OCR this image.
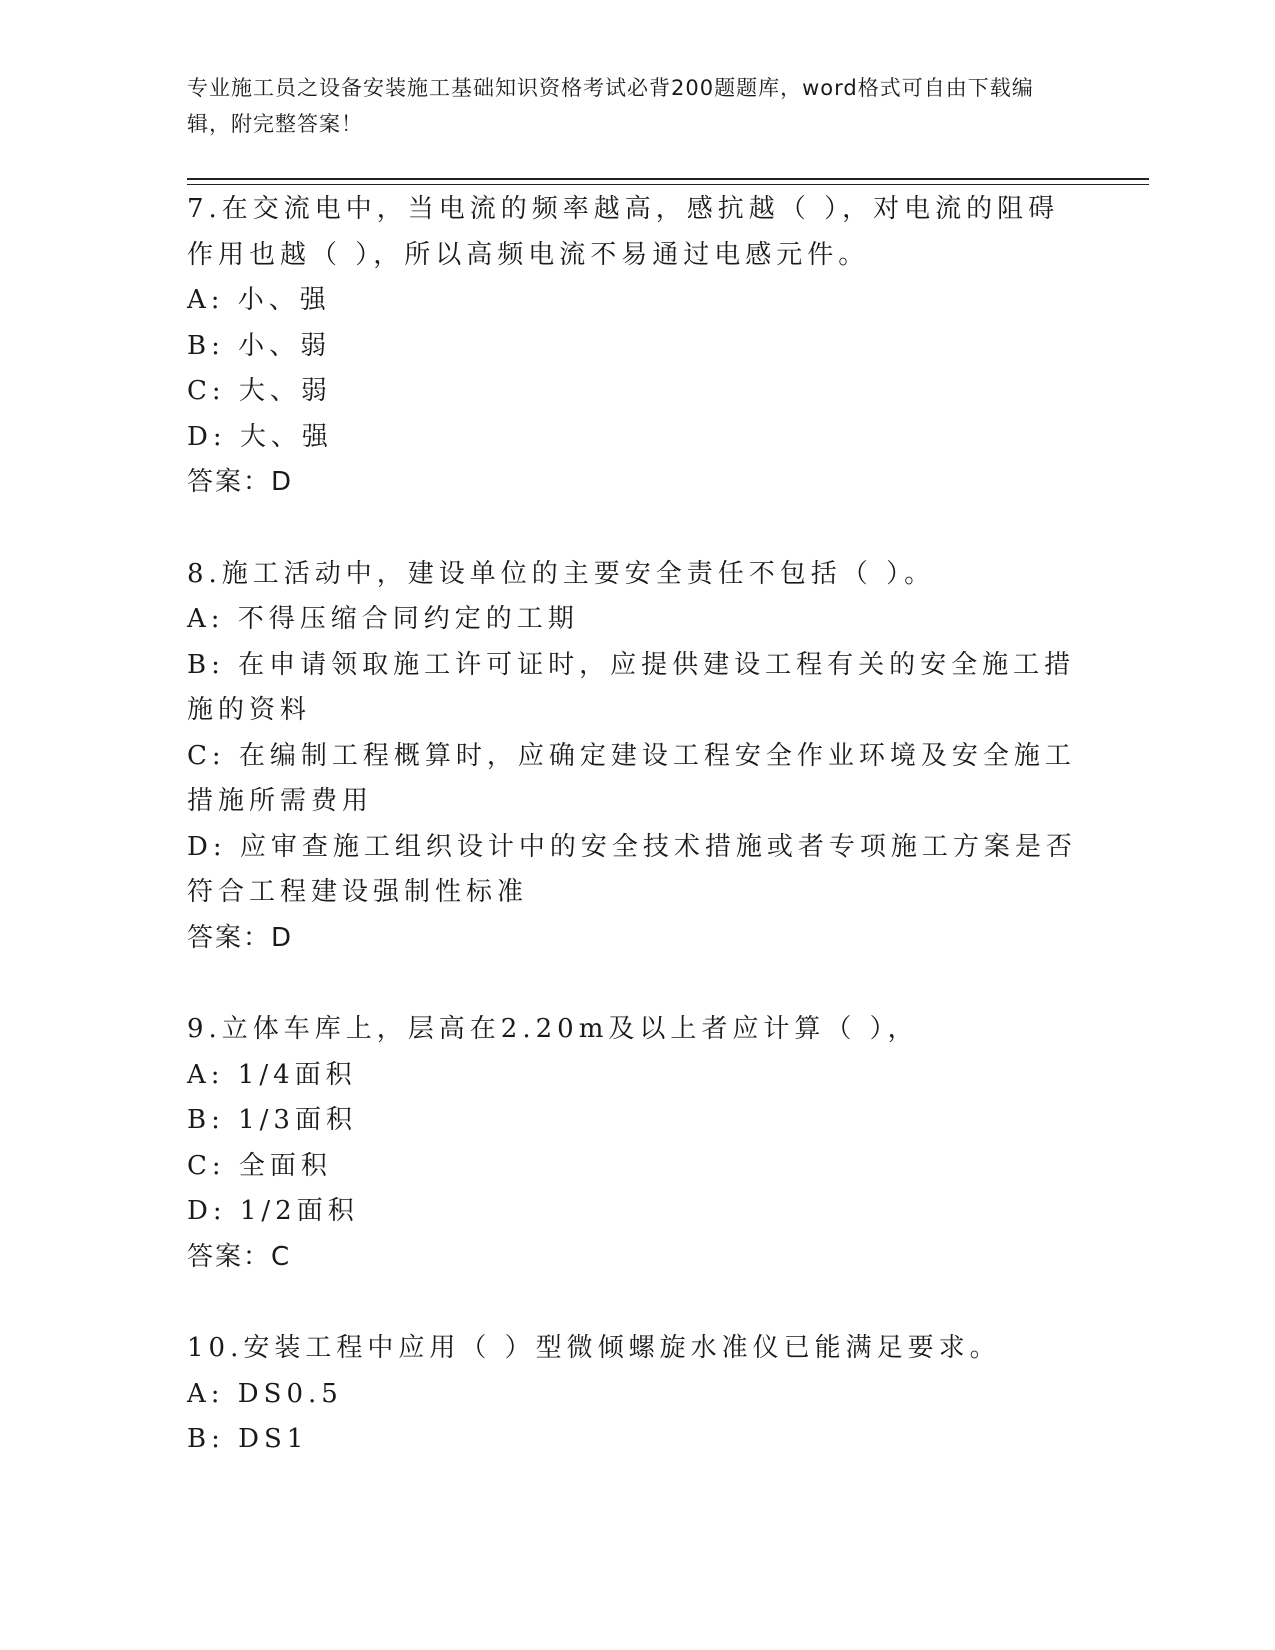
专业施工员之设备安装施工基础知识资格考试必背200题题库，word格式可自由下载编辑，附完整答案！
7.在交流电中，当电流的频率越高，感抗越（ ），对电流的阻碍作用也越（ ），所以高频电流不易通过电感元件。
A: 小、强
B: 小、弱
C: 大、弱
D: 大、强
答案：D
8.施工活动中，建设单位的主要安全责任不包括（ ）。
A: 不得压缩合同约定的工期
B: 在申请领取施工许可证时，应提供建设工程有关的安全施工措施的资料
C: 在编制工程概算时，应确定建设工程安全作业环境及安全施工措施所需费用
D: 应审查施工组织设计中的安全技术措施或者专项施工方案是否符合工程建设强制性标准
答案：D
9.立体车库上，层高在2.20m及以上者应计算（ ），
A: 1/4面积
B: 1/3面积
C: 全面积
D: 1/2面积
答案：C
10.安装工程中应用（ ）型微倾螺旋水准仪已能满足要求。
A: DS0.5
B: DS1
